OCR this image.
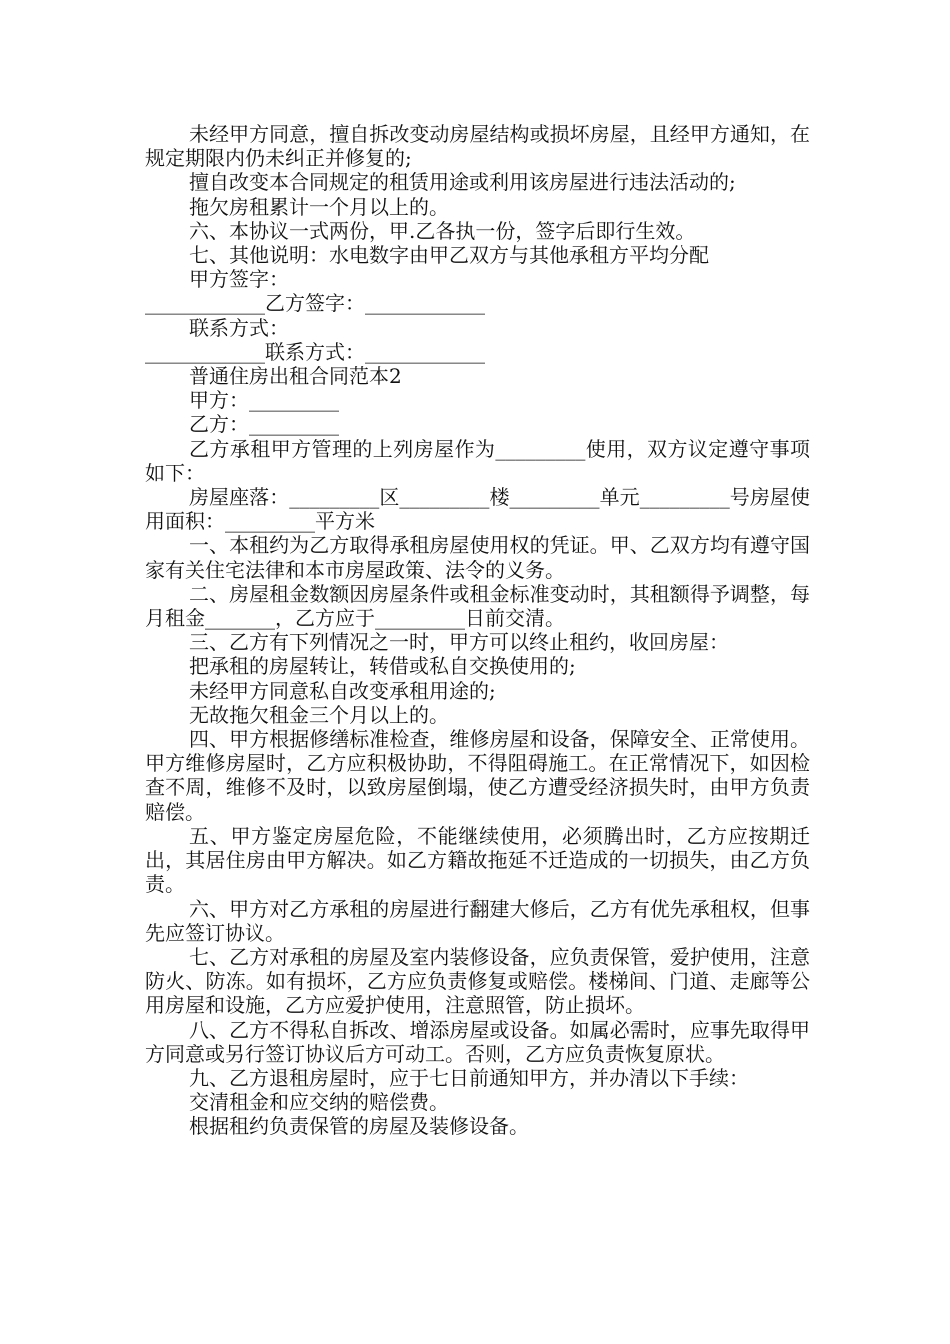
未经甲方同意，擅自拆改变动房屋结构或损坏房屋，且经甲方通知，在规定期限内仍未纠正并修复的;

擅自改变本合同规定的租赁用途或利用该房屋进行违法活动的;

拖欠房租累计一个月以上的。

六、本协议一式两份，甲.乙各执一份，签字后即行生效。

七、其他说明：水电数字由甲乙双方与其他承租方平均分配

甲方签字：

____________乙方签字：____________

联系方式：

____________联系方式：____________

普通住房出租合同范本2

甲方：_________

乙方：_________

乙方承租甲方管理的上列房屋作为_________使用，双方议定遵守事项如下：

房屋座落：_________区_________楼_________单元_________号房屋使用面积：_________平方米

一、本租约为乙方取得承租房屋使用权的凭证。甲、乙双方均有遵守国家有关住宅法律和本市房屋政策、法令的义务。

二、房屋租金数额因房屋条件或租金标准变动时，其租额得予调整，每月租金_______，乙方应于_________日前交清。

三、乙方有下列情况之一时，甲方可以终止租约，收回房屋：

把承租的房屋转让，转借或私自交换使用的;

未经甲方同意私自改变承租用途的;

无故拖欠租金三个月以上的。

四、甲方根据修缮标准检查，维修房屋和设备，保障安全、正常使用。甲方维修房屋时，乙方应积极协助，不得阻碍施工。在正常情况下，如因检查不周，维修不及时，以致房屋倒塌，使乙方遭受经济损失时，由甲方负责赔偿。

五、甲方鉴定房屋危险，不能继续使用，必须腾出时，乙方应按期迁出，其居住房由甲方解决。如乙方籍故拖延不迁造成的一切损失，由乙方负责。

六、甲方对乙方承租的房屋进行翻建大修后，乙方有优先承租权，但事先应签订协议。

七、乙方对承租的房屋及室内装修设备，应负责保管，爱护使用，注意防火、防冻。如有损坏，乙方应负责修复或赔偿。楼梯间、门道、走廊等公用房屋和设施，乙方应爱护使用，注意照管，防止损坏。

八、乙方不得私自拆改、增添房屋或设备。如属必需时，应事先取得甲方同意或另行签订协议后方可动工。否则，乙方应负责恢复原状。

九、乙方退租房屋时，应于七日前通知甲方，并办清以下手续：

交清租金和应交纳的赔偿费。

根据租约负责保管的房屋及装修设备。
